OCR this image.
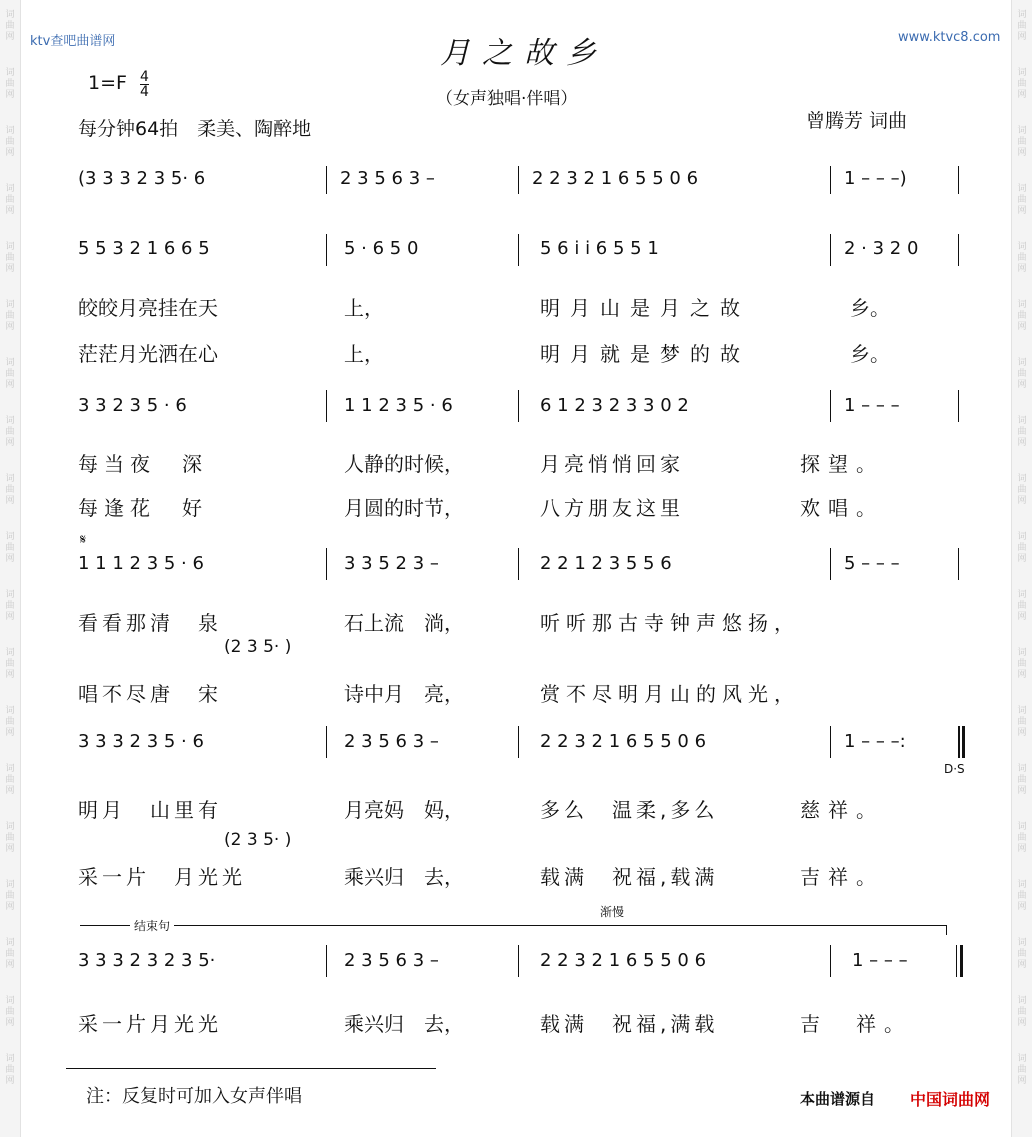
词
曲
网
词
曲
网
词
曲
网
词
曲
网
词
曲
网
词
曲
网
词
曲
网
词
曲
网
词
曲
网
词
曲
网
词
曲
网
词
曲
网
词
曲
网
词
曲
网
词
曲
网
词
曲
网
词
曲
网
词
曲
网
词
曲
网
词
曲
网
词
曲
网
词
曲
网
词
曲
网
词
曲
网
词
曲
网
词
曲
网
词
曲
网
词
曲
网
词
曲
网
词
曲
网
词
曲
网
词
曲
网
词
曲
网
词
曲
网
词
曲
网
词
曲
网
词
曲
网
词
曲
网
ktv查吧曲谱网	www.ktvc8.com
月之故乡
（女声独唱·伴唱）
1=F 4
4
每分钟64拍　柔美、陶醉地	曾腾芳 词曲
(3 3 3 2 3 5· 6	2 3 5 6 3 –	2 2 3 2 1 6 5 5 0 6	1 – – –)
5 5 3 2 1 6 6 5	5 · 6 5 0	5 6 i i 6 5 5 1	2 · 3 2 0
皎皎月亮挂在天	上，	明月山是月之故	乡。
茫茫月光洒在心	上，	明月就是梦的故	乡。
3 3 2 3 5 · 6	1 1 2 3 5 · 6	6 1 2 3 2 3 3 0 2	1 – – –
每当夜　深	人静的时候，	月亮悄悄回家	探望。
每逢花　好	月圆的时节，	八方朋友这里	欢唱。
𝄋
1 1 1 2 3 5 · 6	3 3 5 2 3 –	2 2 1 2 3 5 5 6	5 – – –
看看那清　泉	石上流　淌，	听听那古寺钟声悠扬，
(2 3 5· )
唱不尽唐　宋	诗中月　亮，	赏不尽明月山的风光，
3 3 3 2 3 5 · 6	2 3 5 6 3 –	2 2 3 2 1 6 5 5 0 6	1 – – –:
D·S
明月　山里有	月亮妈　妈，	多么　温柔,多么	慈祥。
(2 3 5· )
采一片　月光光	乘兴归　去，	载满　祝福,载满	吉祥。
结束句
渐慢
3 3 3 2 3 2 3 5·	2 3 5 6 3 –	2 2 3 2 1 6 5 5 0 6	1 – – –
采一片月光光	乘兴归　去，	载满　祝福,满载	吉　祥。
注：反复时可加入女声伴唱	本曲谱源自 中国词曲网
